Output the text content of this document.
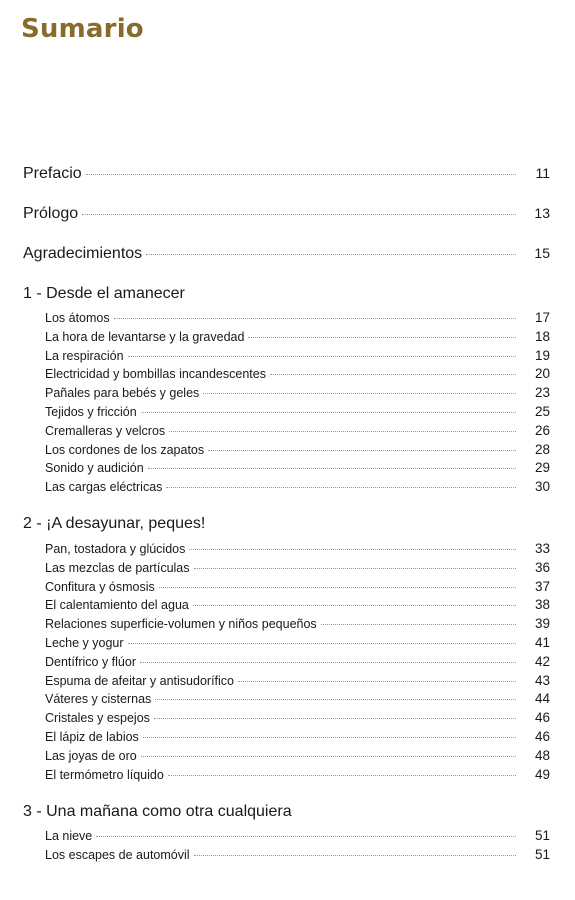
Sumario
Prefacio	11
Prólogo	13
Agradecimientos	15
1 - Desde el amanecer
Los átomos	17
La hora de levantarse y la gravedad	18
La respiración	19
Electricidad y bombillas incandescentes	20
Pañales para bebés y geles	23
Tejidos y fricción	25
Cremalleras y velcros	26
Los cordones de los zapatos	28
Sonido y audición	29
Las cargas eléctricas	30
2 - ¡A desayunar, peques!
Pan, tostadora y glúcidos	33
Las mezclas de partículas	36
Confitura y ósmosis	37
El calentamiento del agua	38
Relaciones superficie-volumen y niños pequeños	39
Leche y yogur	41
Dentífrico y flúor	42
Espuma de afeitar y antisudorífico	43
Váteres y cisternas	44
Cristales y espejos	46
El lápiz de labios	46
Las joyas de oro	48
El termómetro líquido	49
3 - Una mañana como otra cualquiera
La nieve	51
Los escapes de automóvil	51
